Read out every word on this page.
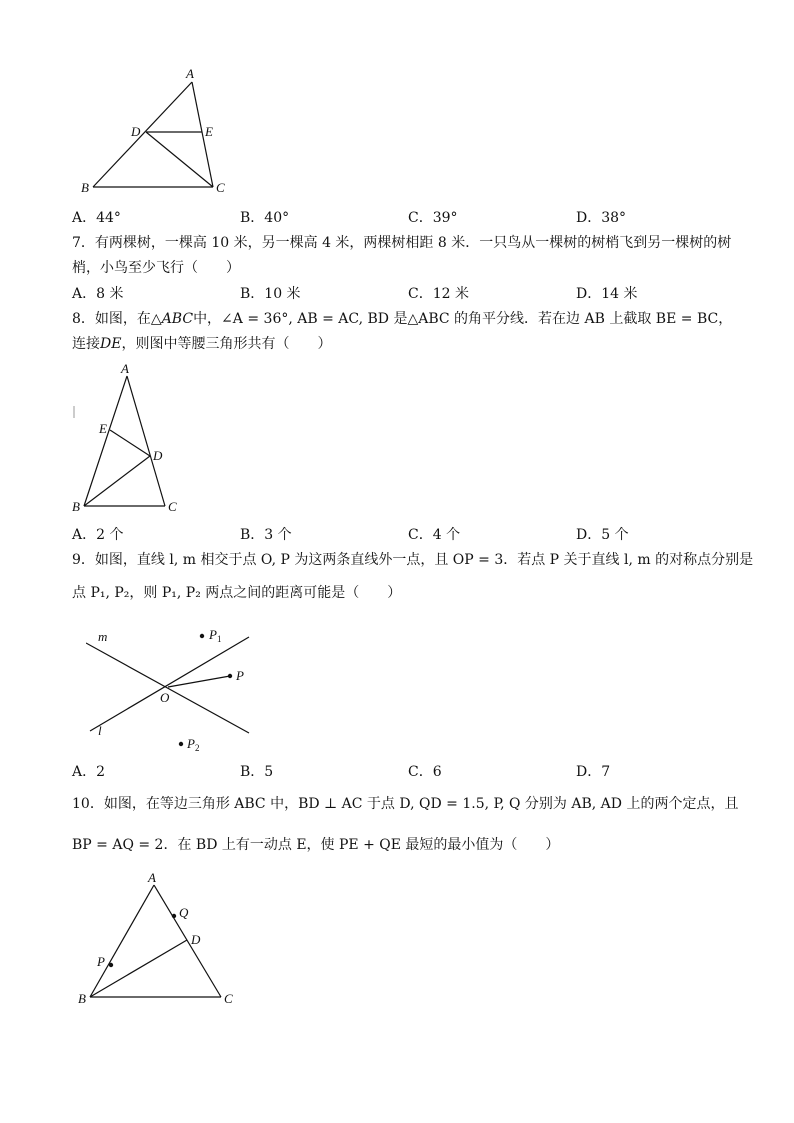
A
B	C
D	E
A．44°	B．40°	C．39°	D．38°
7．有两棵树，一棵高 10 米，另一棵高 4 米，两棵树相距 8 米．一只鸟从一棵树的树梢飞到另一棵树的树
梢，小鸟至少飞行（　　）
A．8 米	B．10 米	C．12 米	D．14 米
8．如图，在△ABC中，∠A = 36°, AB = AC, BD 是△ABC 的角平分线．若在边 AB 上截取 BE = BC，
连接DE，则图中等腰三角形共有（　　）
A
B	C
D
E
A．2 个	B．3 个	C．4 个	D．5 个
9．如图，直线 l, m 相交于点 O, P 为这两条直线外一点，且 OP = 3．若点 P 关于直线 l, m 的对称点分别是
点 P₁, P₂，则 P₁, P₂ 两点之间的距离可能是（　　）
m
l
O
P
P 1
P 2
A．2	B．5	C．6	D．7
10．如图，在等边三角形 ABC 中，BD ⊥ AC 于点 D, QD = 1.5, P, Q 分别为 AB, AD 上的两个定点，且
BP = AQ = 2．在 BD 上有一动点 E，使 PE + QE 最短的最小值为（　　）
A
B	C
D
P
Q
